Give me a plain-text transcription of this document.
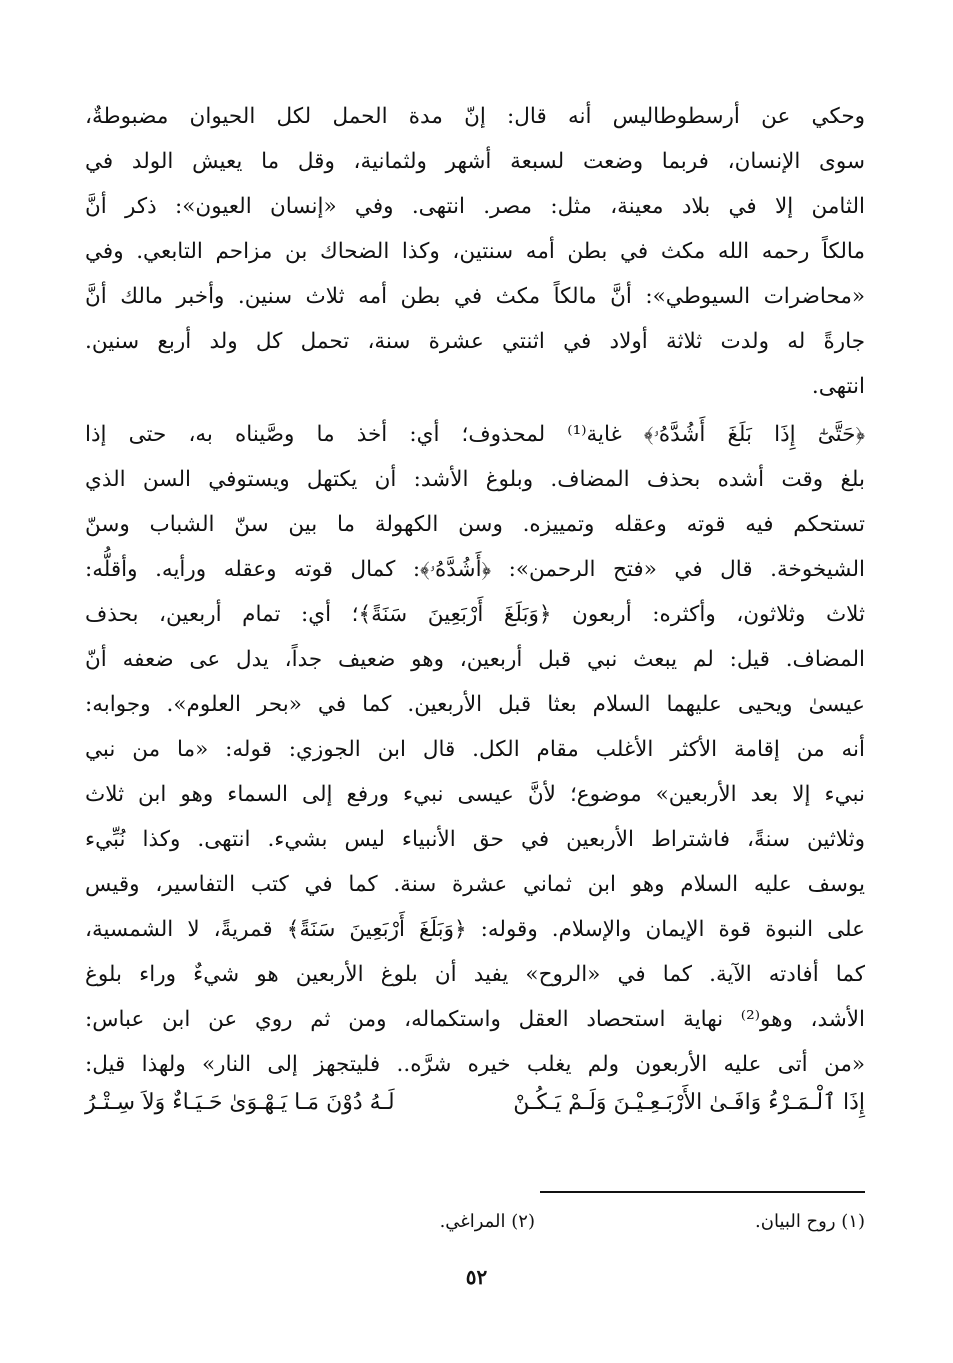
وحكي عن أرسطوطاليس أنه قال: إنّ مدة الحمل لكل الحيوان مضبوطةٌ،
سوى الإنسان، فربما وضعت لسبعة أشهر ولثمانية، وقل ما يعيش الولد في
الثامن إلا في بلاد معينة، مثل: مصر. انتهى. وفي «إنسان العيون»: ذكر أنَّ
مالكاً رحمه الله مكث في بطن أمه سنتين، وكذا الضحاك بن مزاحم التابعي. وفي
«محاضرات السيوطي»: أنَّ مالكاً مكث في بطن أمه ثلاث سنين. وأخبر مالك أنَّ
جارةً له ولدت ثلاثة أولاد في اثنتي عشرة سنة، تحمل كل ولد أربع سنين.
انتهى.
﴿حَتَّىٰٓ إِذَا بَلَغَ أَشُدَّهُۥ﴾ غاية⁽¹⁾ لمحذوف؛ أي: أخذ ما وصَّيناه به، حتى إذا
بلغ وقت أشده بحذف المضاف. وبلوغ الأشد: أن يكتهل ويستوفي السن الذي
تستحكم فيه قوته وعقله وتمييزه. وسن الكهولة ما بين سنّ الشباب وسنّ
الشيخوخة. قال في «فتح الرحمن»: ﴿أَشُدَّهُۥ﴾: كمال قوته وعقله ورأيه. وأقلُّه:
ثلاث وثلاثون، وأكثره: أربعون ﴿وَبَلَغَ أَرْبَعِينَ سَنَةً﴾؛ أي: تمام أربعين، بحذف
المضاف. قيل: لم يبعث نبي قبل أربعين، وهو ضعيف جداً، يدل عى ضعفه أنّ
عيسىٰ ويحيى عليهما السلام بعثا قبل الأربعين. كما في «بحر العلوم». وجوابه:
أنه من إقامة الأكثر الأغلب مقام الكل. قال ابن الجوزي: قوله: «ما من نبي
نبيء إلا بعد الأربعين» موضوع؛ لأنَّ عيسى نبيء ورفع إلى السماء وهو ابن ثلاث
وثلاثين سنةً، فاشتراط الأربعين في حق الأنبياء ليس بشيء. انتهى. وكذا نُبِّيء
يوسف عليه السلام وهو ابن ثماني عشرة سنة. كما في كتب التفاسير، وقيس
على النبوة قوة الإيمان والإسلام. وقوله: ﴿وَبَلَغَ أَرْبَعِينَ سَنَةً﴾ قمريةً، لا الشمسية،
كما أفادته الآية. كما في «الروح» يفيد أن بلوغ الأربعين هو شيءٌ وراء بلوغ
الأشد، وهو⁽²⁾ نهاية استحصاد العقل واستكماله، ومن ثم روي عن ابن عباس:
«من أتى عليه الأربعون ولم يغلب خيره شرَّه.. فليتجهز إلى النار» ولهذا قيل:
إِذَا ٱلْـمَـرْءُ وَافَـىٰ الأَرْبَـعِـيْـنَ وَلَـمْ يَـكُـنْ
لَـهُ دُوْنَ مَـا يَـهْـوَىٰ حَـيَـاءٌ وَلاَ سِـتْـرُ
(١) روح البيان.
(٢) المراغي.
٥٢
